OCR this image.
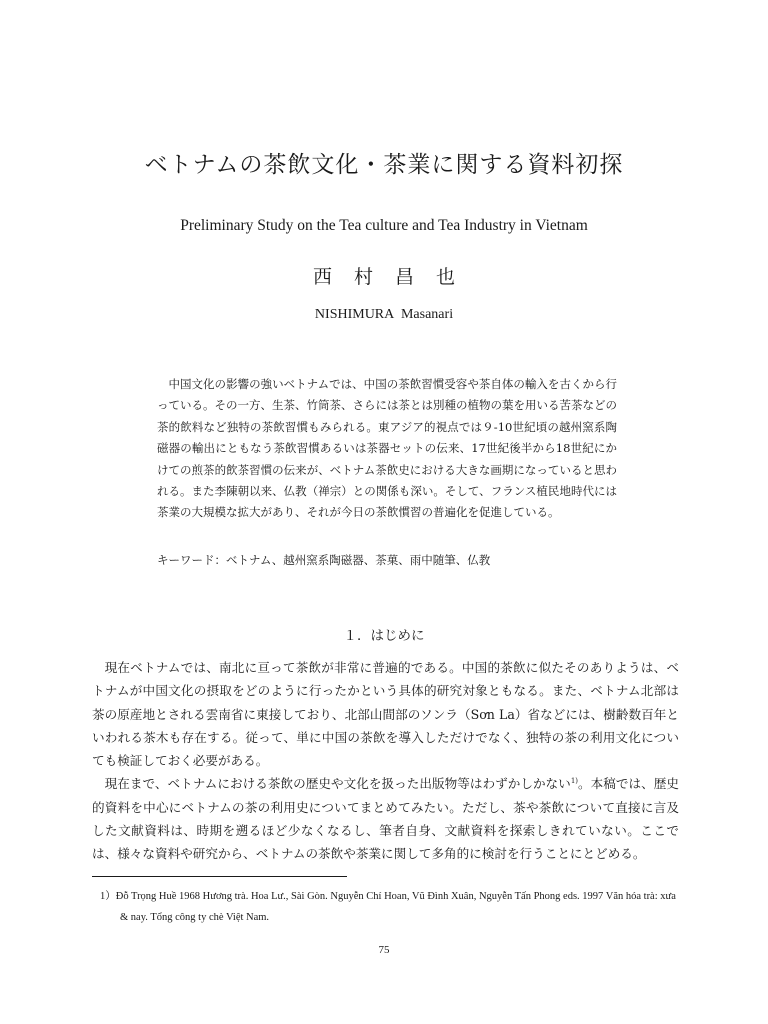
ベトナムの茶飲文化・茶業に関する資料初探
Preliminary Study on the Tea culture and Tea Industry in Vietnam
西村昌也
NISHIMURA Masanari

中国文化の影響の強いベトナムでは、中国の茶飲習慣受容や茶自体の輸入を古くから行っている。その一方、生茶、竹筒茶、さらには茶とは別種の植物の葉を用いる苦茶などの茶的飲料など独特の茶飲習慣もみられる。東アジア的視点では９-10世紀頃の越州窯系陶磁器の輸出にともなう茶飲習慣あるいは茶器セットの伝来、17世紀後半から18世紀にかけての煎茶的飲茶習慣の伝来が、ベトナム茶飲史における大きな画期になっていると思われる。また李陳朝以来、仏教（禅宗）との関係も深い。そして、フランス植民地時代には茶業の大規模な拡大があり、それが今日の茶飲慣習の普遍化を促進している。

キーワード：ベトナム、越州窯系陶磁器、茶菓、雨中随筆、仏教
１．はじめに

現在ベトナムでは、南北に亘って茶飲が非常に普遍的である。中国的茶飲に似たそのありようは、ベトナムが中国文化の摂取をどのように行ったかという具体的研究対象ともなる。また、ベトナム北部は茶の原産地とされる雲南省に東接しており、北部山間部のソンラ（Sơn La）省などには、樹齢数百年といわれる茶木も存在する。従って、単に中国の茶飲を導入しただけでなく、独特の茶の利用文化についても検証しておく必要がある。

現在まで、ベトナムにおける茶飲の歴史や文化を扱った出版物等はわずかしかない$^{1)}$。本稿では、歴史的資料を中心にベトナムの茶の利用史についてまとめてみたい。ただし、茶や茶飲について直接に言及した文献資料は、時期を遡るほど少なくなるし、筆者自身、文献資料を探索しきれていない。ここでは、様々な資料や研究から、ベトナムの茶飲や茶業に関して多角的に検討を行うことにとどめる。

1）Đỗ Trọng Huề 1968 Hương trà. Hoa Lư., Sài Gòn. Nguyễn Chí Hoan, Vũ Đình Xuân, Nguyễn Tấn Phong eds. 1997 Văn hóa trà: xưa & nay. Tổng công ty chè Việt Nam.
75
